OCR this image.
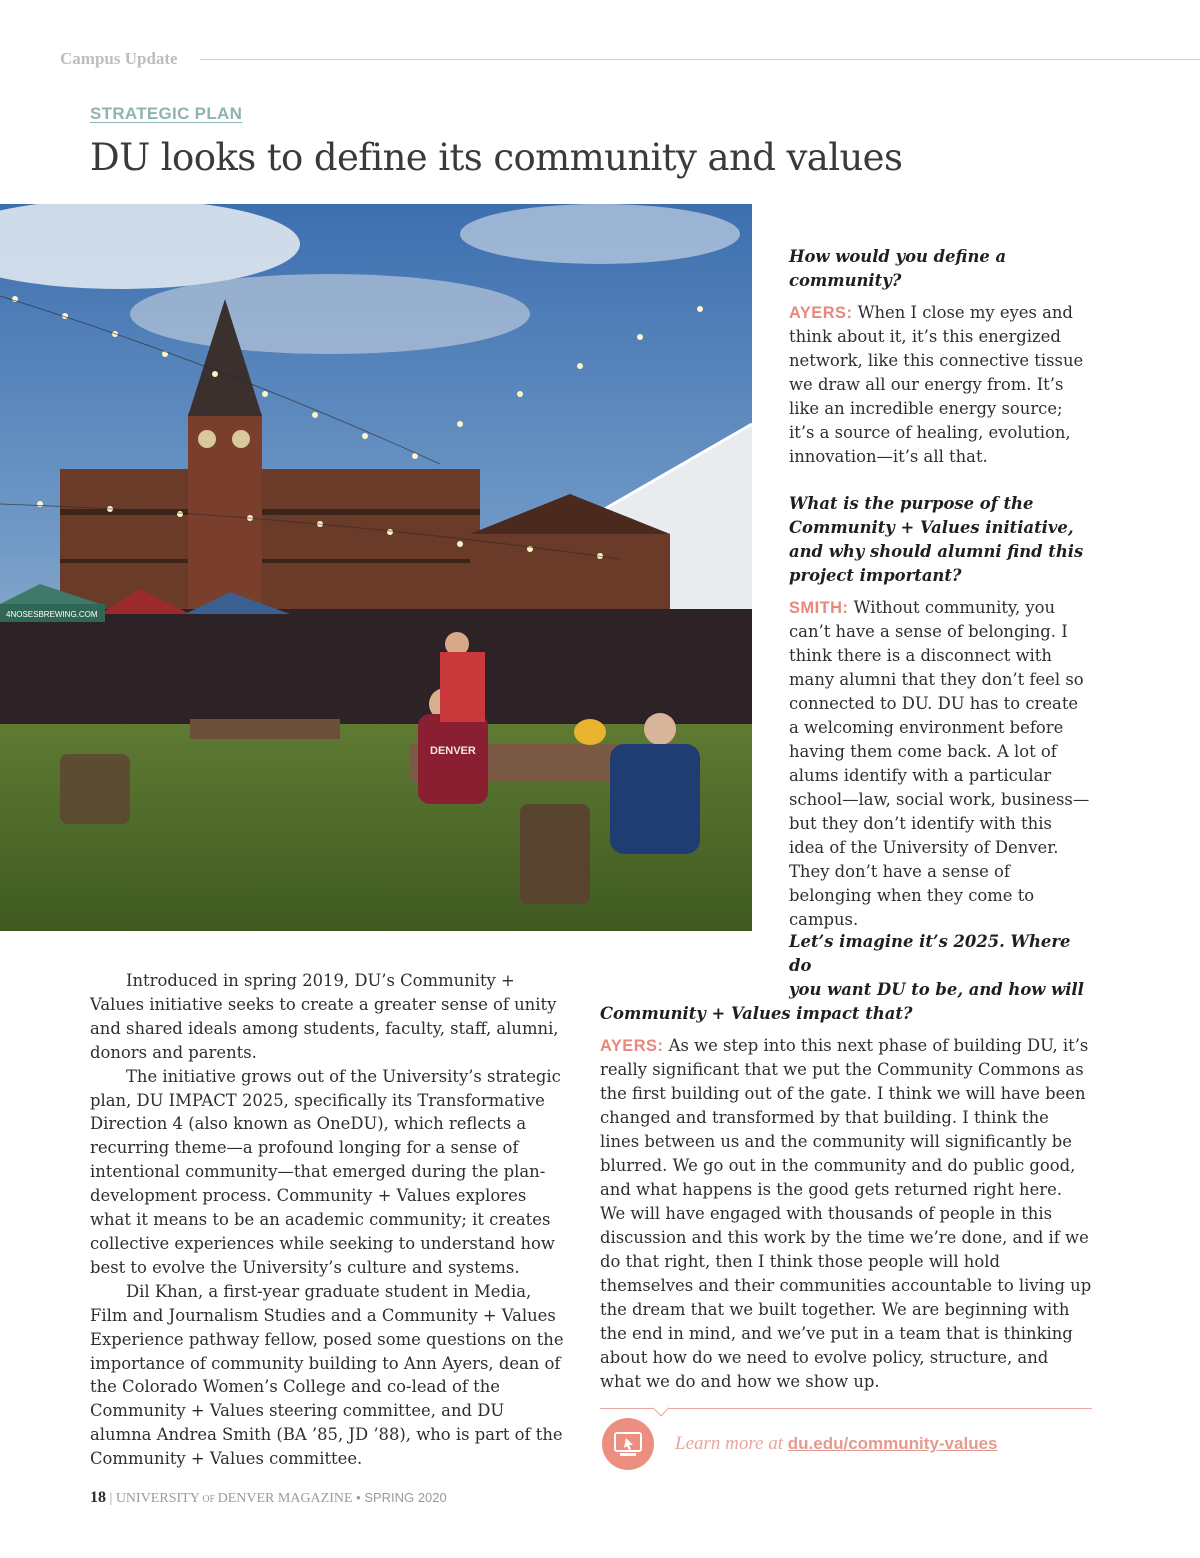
Campus Update
STRATEGIC PLAN
DU looks to define its community and values
4NOSESBREWING.COM
DENVER
How would you define a community?
AYERS: When I close my eyes and think about it, it’s this energized network, like this connective tissue we draw all our energy from. It’s like an incredible energy source; it’s a source of healing, evolution, innovation—it’s all that.
What is the purpose of the Community + Values initiative, and why should alumni find this project important?
SMITH: Without community, you can’t have a sense of belonging. I think there is a disconnect with many alumni that they don’t feel so connected to DU. DU has to create a welcoming environment before having them come back. A lot of alums identify with a particular school—law, social work, business—but they don’t identify with this idea of the University of Denver. They don’t have a sense of belonging when they come to campus.
Let’s imagine it’s 2025. Where do
you want DU to be, and how will
Community + Values impact that?
AYERS: As we step into this next phase of building DU, it’s really significant that we put the Community Commons as the first building out of the gate. I think we will have been changed and transformed by that building. I think the lines between us and the community will significantly be blurred. We go out in the community and do public good, and what happens is the good gets returned right here. We will have engaged with thousands of people in this discussion and this work by the time we’re done, and if we do that right, then I think those people will hold themselves and their communities accountable to living up the dream that we built together. We are beginning with the end in mind, and we’ve put in a team that is thinking about how do we need to evolve policy, structure, and what we do and how we show up.

Introduced in spring 2019, DU’s Community + Values initiative seeks to create a greater sense of unity and shared ideals among students, faculty, staff, alumni, donors and parents.

The initiative grows out of the University’s strategic plan, DU IMPACT 2025, specifically its Transformative Direction 4 (also known as OneDU), which reflects a recurring theme—a profound longing for a sense of intentional community—that emerged during the plan-development process. Community + Values explores what it means to be an academic community; it creates collective experiences while seeking to understand how best to evolve the University’s culture and systems.

Dil Khan, a first-year graduate student in Media, Film and Journalism Studies and a Community + Values Experience pathway fellow, posed some questions on the importance of community building to Ann Ayers, dean of the Colorado Women’s College and co-lead of the Community + Values steering committee, and DU alumna Andrea Smith (BA ’85, JD ’88), who is part of the Community + Values committee.

Learn more at du.edu/community-values
18 | UNIVERSITY OF DENVER MAGAZINE • SPRING 2020
